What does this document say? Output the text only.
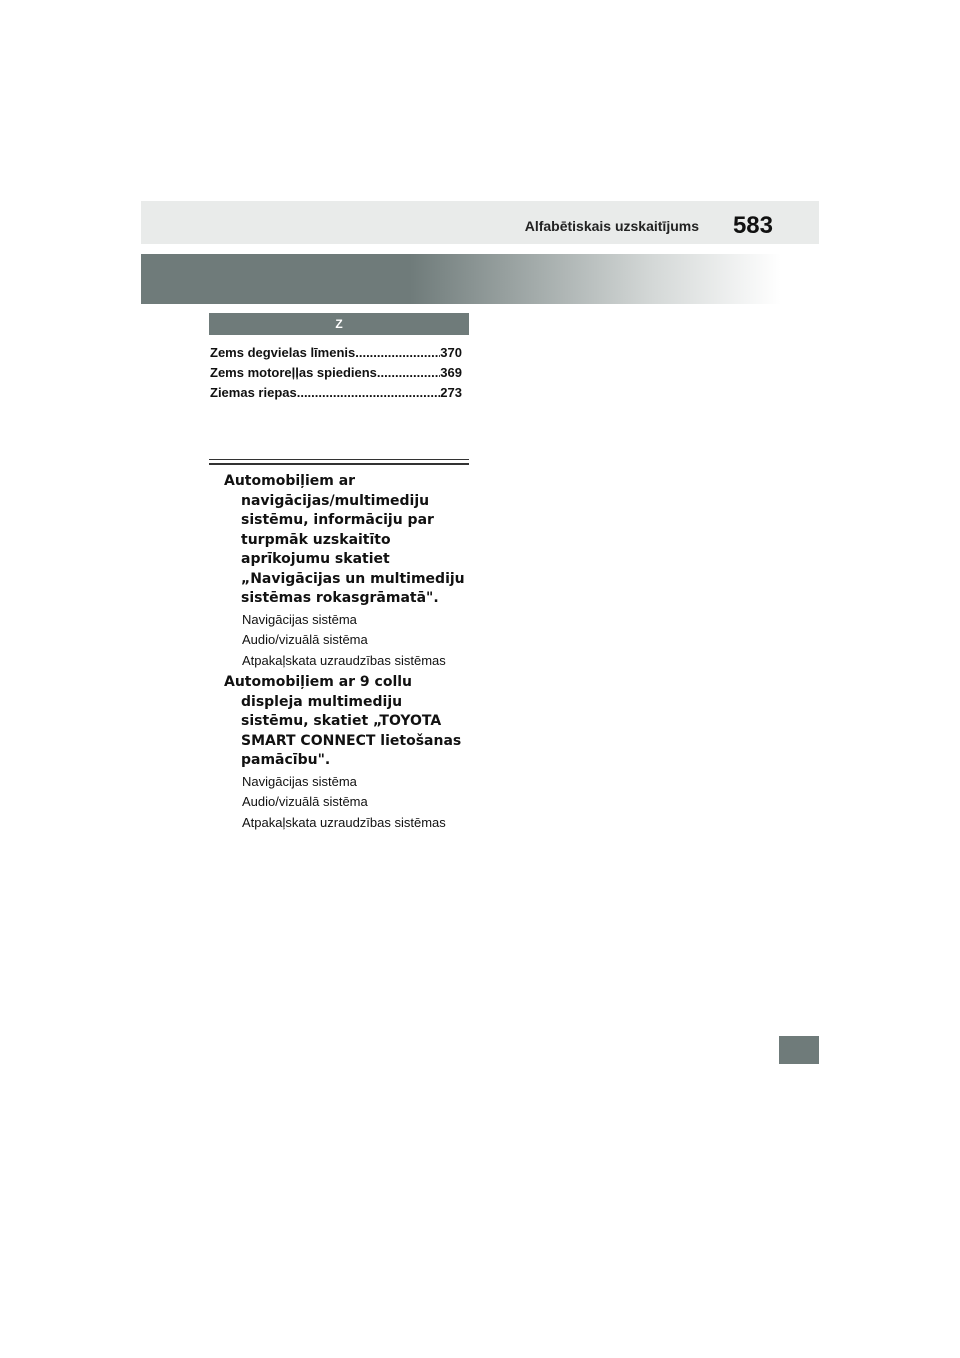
Alfabētiskais uzskaitījums 583
Z
Zems degvielas līmenis .....	370
Zems motoreļļas spiediens .....	369
Ziemas riepas. .....	273

Automobiļiem ar navigācijas/multimediju sistēmu, informāciju par turpmāk uzskaitīto aprīkojumu skatiet „Navigācijas un multimediju sistēmas rokasgrāmatā".

Navigācijas sistēma

Audio/vizuālā sistēma

Atpakaļskata uzraudzības sistēmas

Automobiļiem ar 9 collu displeja multimediju sistēmu, skatiet „TOYOTA SMART CONNECT lietošanas pamācību".

Navigācijas sistēma

Audio/vizuālā sistēma

Atpakaļskata uzraudzības sistēmas
